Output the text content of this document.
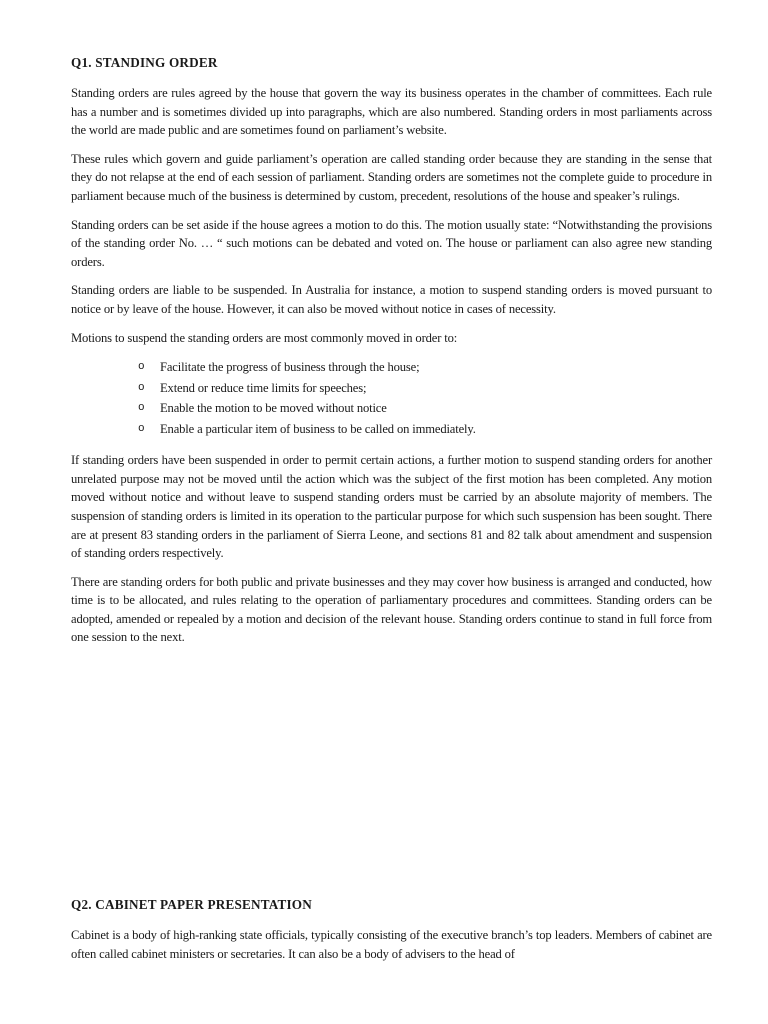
Q1. STANDING ORDER

Standing orders are rules agreed by the house that govern the way its business operates in the chamber of committees. Each rule has a number and is sometimes divided up into paragraphs, which are also numbered. Standing orders in most parliaments across the world are made public and are sometimes found on parliament’s website.

These rules which govern and guide parliament’s operation are called standing order because they are standing in the sense that they do not relapse at the end of each session of parliament. Standing orders are sometimes not the complete guide to procedure in parliament because much of the business is determined by custom, precedent, resolutions of the house and speaker’s rulings.

Standing orders can be set aside if the house agrees a motion to do this. The motion usually state: “Notwithstanding the provisions of the standing order No. … “ such motions can be debated and voted on. The house or parliament can also agree new standing orders.

Standing orders are liable to be suspended. In Australia for instance, a motion to suspend standing orders is moved pursuant to notice or by leave of the house. However, it can also be moved without notice in cases of necessity.

Motions to suspend the standing orders are most commonly moved in order to:

o Facilitate the progress of business through the house;
o Extend or reduce time limits for speeches;
o Enable the motion to be moved without notice
o Enable a particular item of business to be called on immediately.

If standing orders have been suspended in order to permit certain actions, a further motion to suspend standing orders for another unrelated purpose may not be moved until the action which was the subject of the first motion has been completed. Any motion moved without notice and without leave to suspend standing orders must be carried by an absolute majority of members. The suspension of standing orders is limited in its operation to the particular purpose for which such suspension has been sought. There are at present 83 standing orders in the parliament of Sierra Leone, and sections 81 and 82 talk about amendment and suspension of standing orders respectively.

There are standing orders for both public and private businesses and they may cover how business is arranged and conducted, how time is to be allocated, and rules relating to the operation of parliamentary procedures and committees. Standing orders can be adopted, amended or repealed by a motion and decision of the relevant house. Standing orders continue to stand in full force from one session to the next.

Q2. CABINET PAPER PRESENTATION

Cabinet is a body of high-ranking state officials, typically consisting of the executive branch’s top leaders. Members of cabinet are often called cabinet ministers or secretaries. It can also be a body of advisers to the head of
